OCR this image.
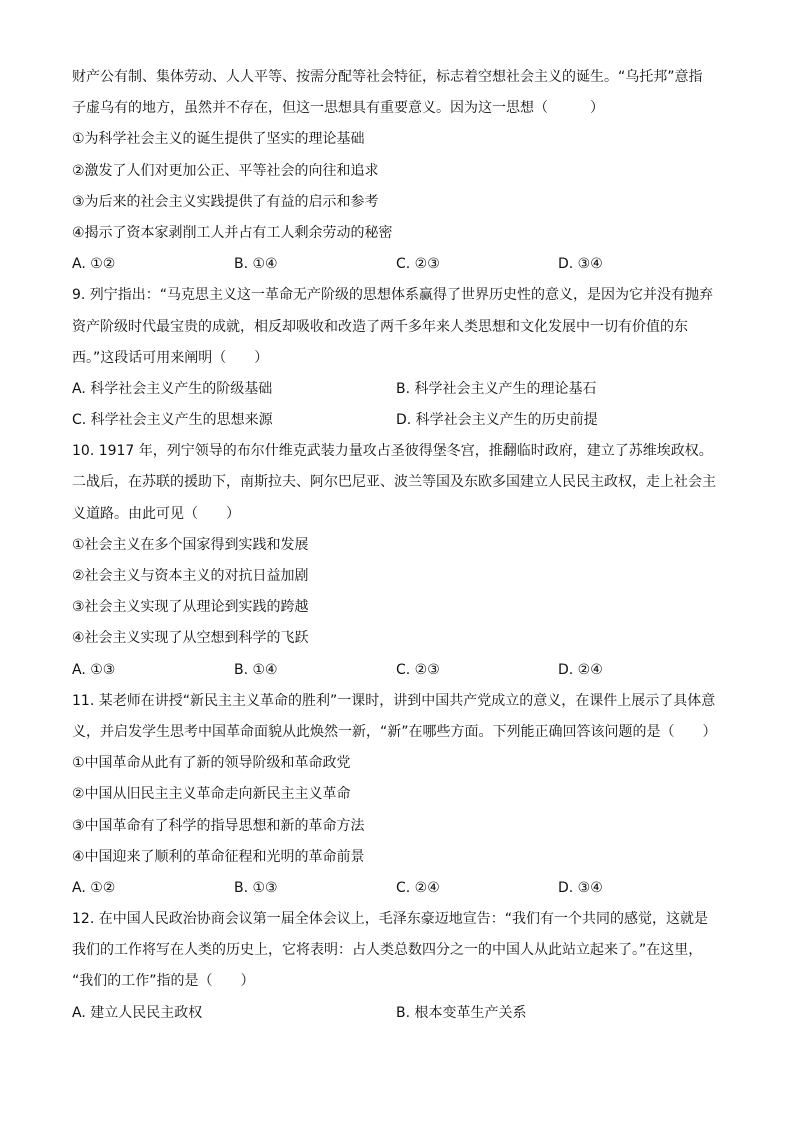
财产公有制、集体劳动、人人平等、按需分配等社会特征，标志着空想社会主义的诞生。“乌托邦”意指
子虚乌有的地方，虽然并不存在，但这一思想具有重要意义。因为这一思想（　　　）
①为科学社会主义的诞生提供了坚实的理论基础
②激发了人们对更加公正、平等社会的向往和追求
③为后来的社会主义实践提供了有益的启示和参考
④揭示了资本家剥削工人并占有工人剩余劳动的秘密
A. ①②	B. ①④	C. ②③	D. ③④
9. 列宁指出：“马克思主义这一革命无产阶级的思想体系赢得了世界历史性的意义，是因为它并没有抛弃
资产阶级时代最宝贵的成就，相反却吸收和改造了两千多年来人类思想和文化发展中一切有价值的东
西。”这段话可用来阐明（　　）
A. 科学社会主义产生的阶级基础	B. 科学社会主义产生的理论基石
C. 科学社会主义产生的思想来源	D. 科学社会主义产生的历史前提
10. 1917 年，列宁领导的布尔什维克武装力量攻占圣彼得堡冬宫，推翻临时政府，建立了苏维埃政权。
二战后，在苏联的援助下，南斯拉夫、阿尔巴尼亚、波兰等国及东欧多国建立人民民主政权，走上社会主
义道路。由此可见（　　）
①社会主义在多个国家得到实践和发展
②社会主义与资本主义的对抗日益加剧
③社会主义实现了从理论到实践的跨越
④社会主义实现了从空想到科学的飞跃
A. ①③	B. ①④	C. ②③	D. ②④
11. 某老师在讲授“新民主主义革命的胜利”一课时，讲到中国共产党成立的意义，在课件上展示了具体意
义，并启发学生思考中国革命面貌从此焕然一新，“新”在哪些方面。下列能正确回答该问题的是（　　）
①中国革命从此有了新的领导阶级和革命政党
②中国从旧民主主义革命走向新民主主义革命
③中国革命有了科学的指导思想和新的革命方法
④中国迎来了顺利的革命征程和光明的革命前景
A. ①②	B. ①③	C. ②④	D. ③④
12. 在中国人民政治协商会议第一届全体会议上，毛泽东豪迈地宣告：“我们有一个共同的感觉，这就是
我们的工作将写在人类的历史上，它将表明：占人类总数四分之一的中国人从此站立起来了。”在这里，
“我们的工作”指的是（　　）
A. 建立人民民主政权	B. 根本变革生产关系
